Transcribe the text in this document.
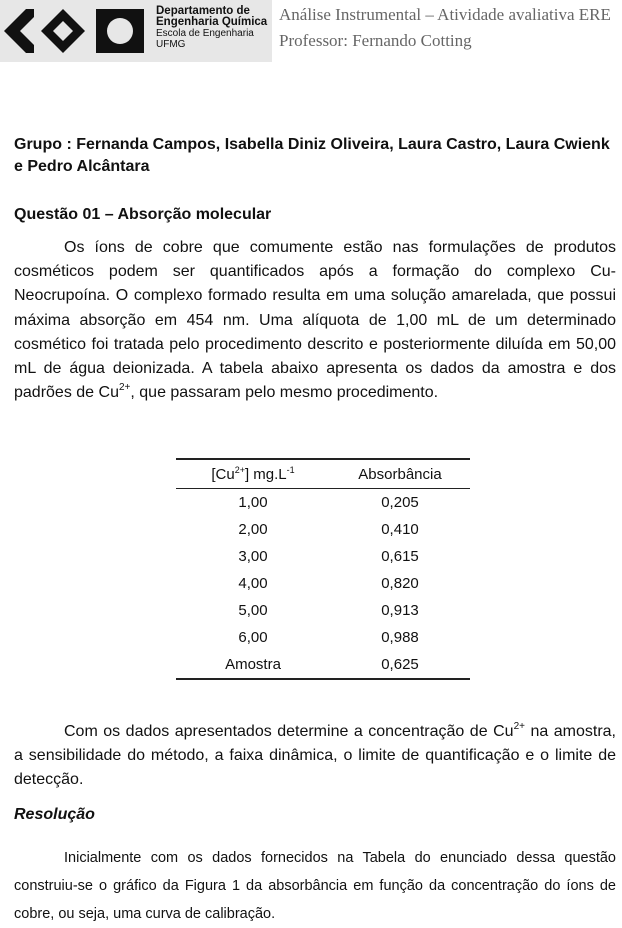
Departamento de
Engenharia Química
Escola de Engenharia
UFMG
Análise Instrumental – Atividade avaliativa ERE
Professor: Fernando Cotting

Grupo : Fernanda Campos, Isabella Diniz Oliveira, Laura Castro, Laura Cwienk e Pedro Alcântara

Questão 01 – Absorção molecular

Os íons de cobre que comumente estão nas formulações de produtos cosméticos podem ser quantificados após a formação do complexo Cu-Neocrupoína. O complexo formado resulta em uma solução amarelada, que possui máxima absorção em 454 nm. Uma alíquota de 1,00 mL de um determinado cosmético foi tratada pelo procedimento descrito e posteriormente diluída em 50,00 mL de água deionizada. A tabela abaixo apresenta os dados da amostra e dos padrões de $Cu^{2+}$, que passaram pelo mesmo procedimento.

$[Cu^{2+}]$ $mg.L^{-1}$	Absorbância
1,00	0,205
2,00	0,410
3,00	0,615
4,00	0,820
5,00	0,913
6,00	0,988
Amostra	0,625

Com os dados apresentados determine a concentração de $Cu^{2+}$ na amostra, a sensibilidade do método, a faixa dinâmica, o limite de quantificação e o limite de detecção.

Resolução
Inicialmente com os dados fornecidos na Tabela do enunciado dessa questão construiu-se o gráfico da Figura 1 da absorbância em função da concentração do íons de cobre, ou seja, uma curva de calibração.
